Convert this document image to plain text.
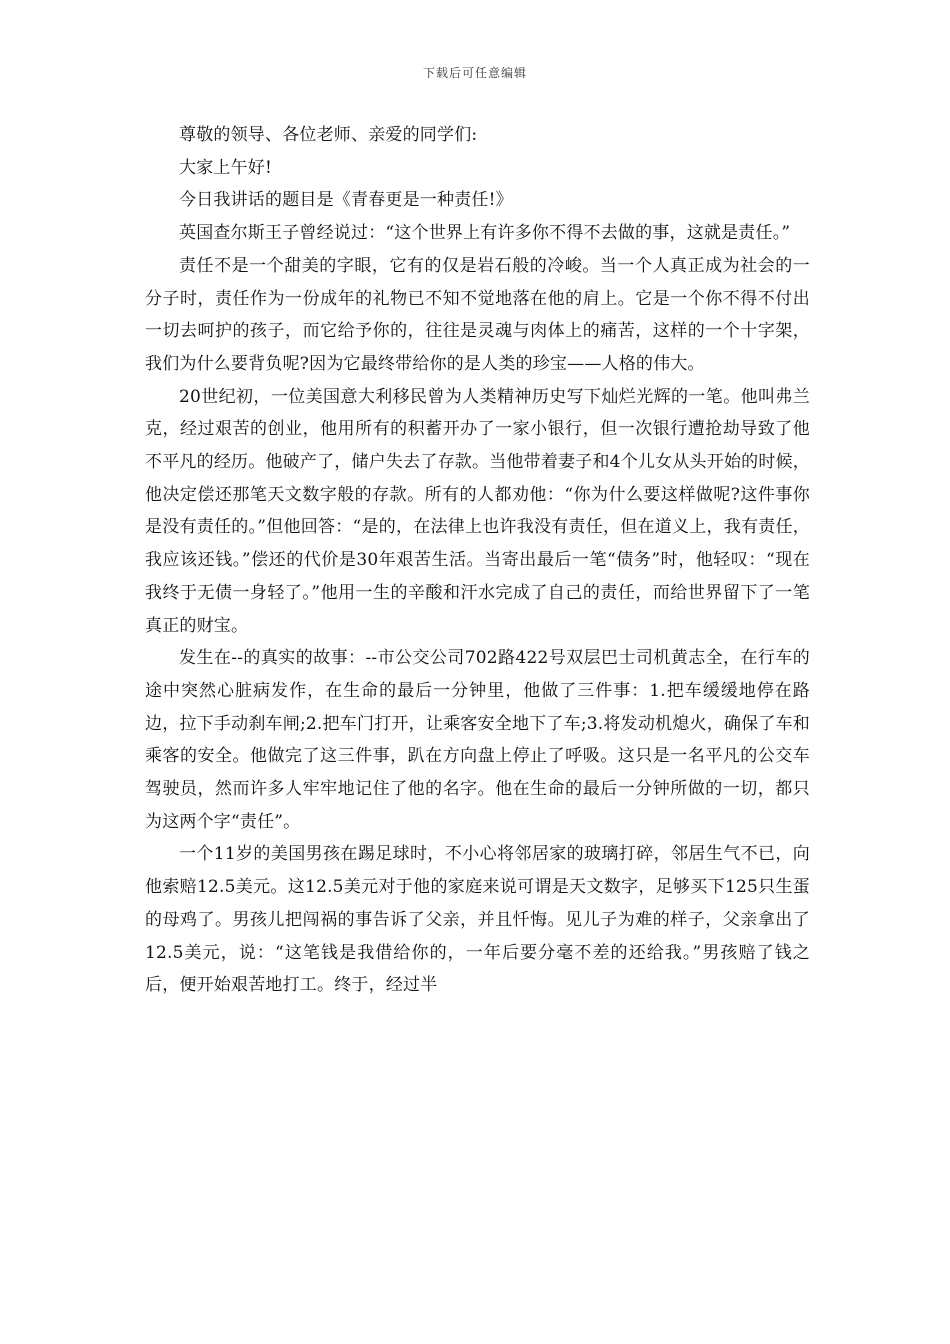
下载后可任意编辑

尊敬的领导、各位老师、亲爱的同学们:

大家上午好!

今日我讲话的题目是《青春更是一种责任!》

英国查尔斯王子曾经说过：“这个世界上有许多你不得不去做的事，这就是责任。”

责任不是一个甜美的字眼，它有的仅是岩石般的冷峻。当一个人真正成为社会的一分子时，责任作为一份成年的礼物已不知不觉地落在他的肩上。它是一个你不得不付出一切去呵护的孩子，而它给予你的，往往是灵魂与肉体上的痛苦，这样的一个十字架，我们为什么要背负呢?因为它最终带给你的是人类的珍宝——人格的伟大。

20世纪初，一位美国意大利移民曾为人类精神历史写下灿烂光辉的一笔。他叫弗兰克，经过艰苦的创业，他用所有的积蓄开办了一家小银行，但一次银行遭抢劫导致了他不平凡的经历。他破产了，储户失去了存款。当他带着妻子和4个儿女从头开始的时候，他决定偿还那笔天文数字般的存款。所有的人都劝他：“你为什么要这样做呢?这件事你是没有责任的。”但他回答：“是的，在法律上也许我没有责任，但在道义上，我有责任，我应该还钱。”偿还的代价是30年艰苦生活。当寄出最后一笔“债务”时，他轻叹：“现在我终于无债一身轻了。”他用一生的辛酸和汗水完成了自己的责任，而给世界留下了一笔真正的财宝。

发生在--的真实的故事：--市公交公司702路422号双层巴士司机黄志全，在行车的途中突然心脏病发作，在生命的最后一分钟里，他做了三件事：1.把车缓缓地停在路边，拉下手动刹车闸;2.把车门打开，让乘客安全地下了车;3.将发动机熄火，确保了车和乘客的安全。他做完了这三件事，趴在方向盘上停止了呼吸。这只是一名平凡的公交车驾驶员，然而许多人牢牢地记住了他的名字。他在生命的最后一分钟所做的一切，都只为这两个字“责任”。

一个11岁的美国男孩在踢足球时，不小心将邻居家的玻璃打碎，邻居生气不已，向他索赔12.5美元。这12.5美元对于他的家庭来说可谓是天文数字，足够买下125只生蛋的母鸡了。男孩儿把闯祸的事告诉了父亲，并且忏悔。见儿子为难的样子，父亲拿出了12.5美元，说：“这笔钱是我借给你的，一年后要分毫不差的还给我。”男孩赔了钱之后，便开始艰苦地打工。终于，经过半
